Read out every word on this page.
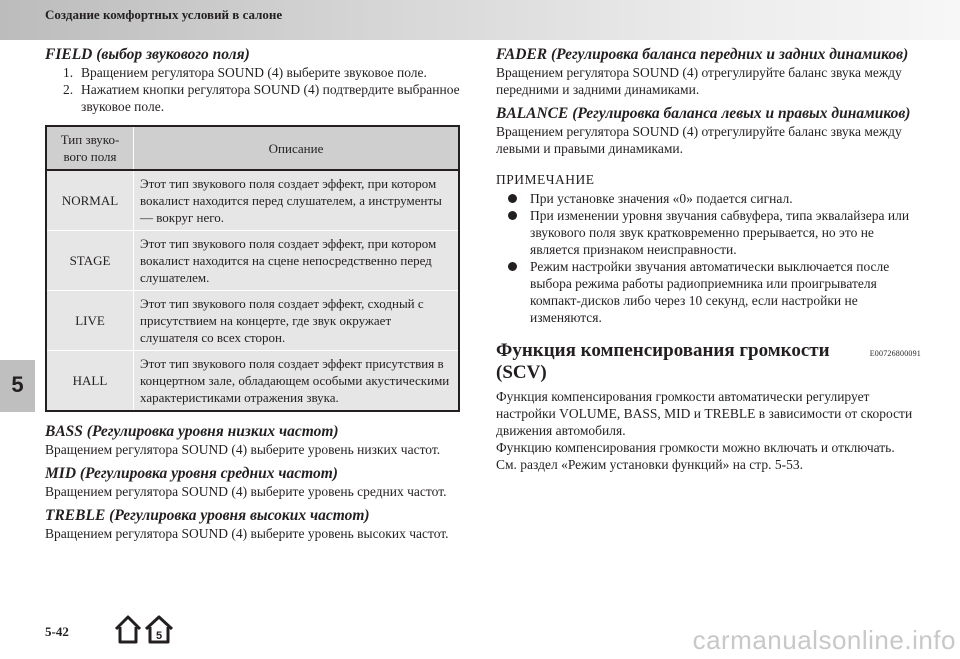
Создание комфортных условий в салоне

FIELD (выбор звукового поля)

1. Вращением регулятора SOUND (4) выберите звуковое поле.
2. Нажатием кнопки регулятора SOUND (4) подтвердите выбранное звуковое поле.
Тип звуко-вого поля	Описание
NORMAL	Этот тип звукового поля создает эффект, при котором вокалист находится перед слушателем, а инструменты — вокруг него.
STAGE	Этот тип звукового поля создает эффект, при котором вокалист находится на сцене непосредственно перед слушателем.
LIVE	Этот тип звукового поля создает эффект, сходный с присутствием на концерте, где звук окружает слушателя со всех сторон.
HALL	Этот тип звукового поля создает эффект присутствия в концертном зале, обладающем особыми акустическими характеристиками отражения звука.

BASS (Регулировка уровня низких частот)

Вращением регулятора SOUND (4) выберите уровень низких частот.

MID (Регулировка уровня средних частот)

Вращением регулятора SOUND (4) выберите уровень средних частот.

TREBLE (Регулировка уровня высоких частот)

Вращением регулятора SOUND (4) выберите уровень высоких частот.

FADER (Регулировка баланса передних и задних динамиков)

Вращением регулятора SOUND (4) отрегулируйте баланс звука между передними и задними динамиками.

BALANCE (Регулировка баланса левых и правых динамиков)

Вращением регулятора SOUND (4) отрегулируйте баланс звука между левыми и правыми динамиками.

ПРИМЕЧАНИЕ

При установке значения «0» подается сигнал.
При изменении уровня звучания сабвуфера, типа эквалайзера или звукового поля звук кратковременно прерывается, но это не является признаком неисправности.
Режим настройки звучания автоматически выключается после выбора режима работы радиоприемника или проигрывателя компакт-дисков либо через 10 секунд, если настройки не изменяются.

Функция компенсирования громкости (SCV)
E00726800091

Функция компенсирования громкости автоматически регулирует настройки VOLUME, BASS, MID и TREBLE в зависимости от скорости движения автомобиля.

Функцию компенсирования громкости можно включать и отключать.

См. раздел «Режим установки функций» на стр. 5-53.

5
5-42	5	carmanualsonline.info
